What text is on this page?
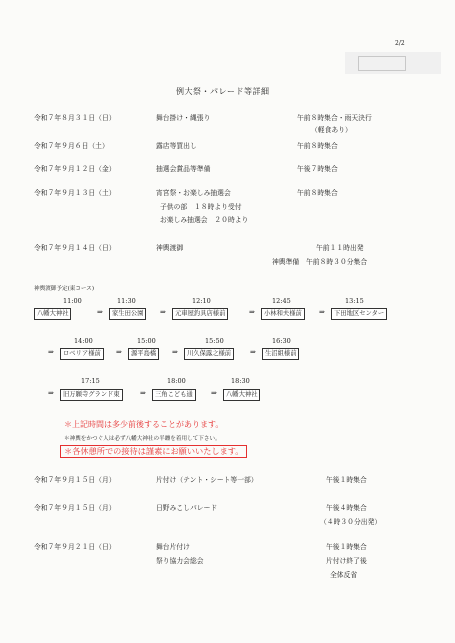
2/2
例大祭・パレード等詳細
令和７年８月３１日（日）	舞台掛け・縄張り	午前８時集合・雨天決行
（軽食あり）
令和７年９月６日（土）	露店等買出し	午前８時集合
令和７年９月１２日（金）	抽選会賞品等準備	午後７時集合
令和７年９月１３日（土）	宵宮祭・お楽しみ抽選会	午前８時集合
子供の部　１８時より受付
お楽しみ抽選会　２０時より
令和７年９月１４日（日）	神輿渡御	午前１１時出発
神輿準備　午前８時３０分集合
神輿渡御予定(東コース)
11:00	11:30	12:10	12:45	13:15
八幡大神社	⇒	家生田公園	⇒	元車屋釣具店様前	⇒	小林和夫様前	⇒	下田地区センター
14:00	15:00	15:50	16:30
⇒	ロベリア様前	⇒	源平島橋	⇒	川久保露之様前	⇒	生沼組様前
17:15	18:00	18:30
⇒	旧万願寺グランド東	⇒	三角こども通	⇒	八幡大神社
＊上記時間は多少前後することがあります。
＊神輿をかつぐ人は必ず八幡大神社の半纏を着用して下さい。
＊各休憩所での接待は謹素にお願いいたします。
令和７年９月１５日（月）	片付け（テント・シート等一部）	午後１時集合
令和７年９月１５日（月）	日野みこしパレード	午後４時集合
（４時３０分出発）
令和７年９月２１日（日）	舞台片付け	午後１時集合
祭り協力会総会	片付け終了後
全体反省
